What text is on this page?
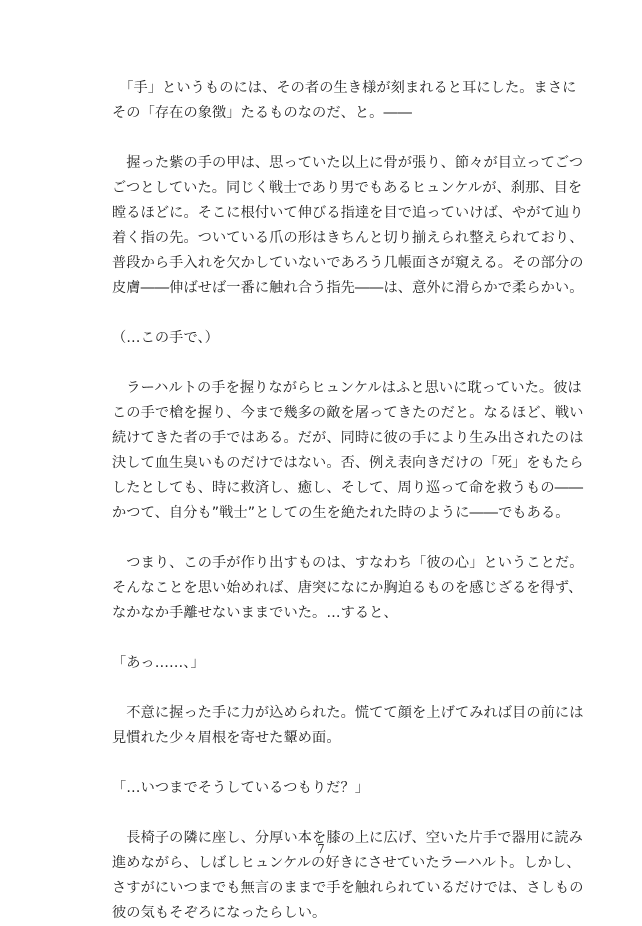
　「手」というものには、その者の生き様が刻まれると耳にした。まさに
その「存在の象徴」たるものなのだ、と。――
　握った紫の手の甲は、思っていた以上に骨が張り、節々が目立ってごつ
ごつとしていた。同じく戦士であり男でもあるヒュンケルが、刹那、目を
瞠るほどに。そこに根付いて伸びる指達を目で追っていけば、やがて辿り
着く指の先。ついている爪の形はきちんと切り揃えられ整えられており、
普段から手入れを欠かしていないであろう几帳面さが窺える。その部分の
皮膚――伸ばせば一番に触れ合う指先――は、意外に滑らかで柔らかい。
（…この手で、）
　ラーハルトの手を握りながらヒュンケルはふと思いに耽っていた。彼は
この手で槍を握り、今まで幾多の敵を屠ってきたのだと。なるほど、戦い
続けてきた者の手ではある。だが、同時に彼の手により生み出されたのは
決して血生臭いものだけではない。否、例え表向きだけの「死」をもたら
したとしても、時に救済し、癒し、そして、周り巡って命を救うもの――
かつて、自分も”戦士”としての生を絶たれた時のように――でもある。
　つまり、この手が作り出すものは、すなわち「彼の心」ということだ。
そんなことを思い始めれば、唐突になにか胸迫るものを感じざるを得ず、
なかなか手離せないままでいた。…すると、
「あっ……、」
　不意に握った手に力が込められた。慌てて顔を上げてみれば目の前には
見慣れた少々眉根を寄せた顰め面。
「…いつまでそうしているつもりだ？」
　長椅子の隣に座し、分厚い本を膝の上に広げ、空いた片手で器用に読み
進めながら、しばしヒュンケルの好きにさせていたラーハルト。しかし、
さすがにいつまでも無言のままで手を触れられているだけでは、さしもの
彼の気もそぞろになったらしい。
7
